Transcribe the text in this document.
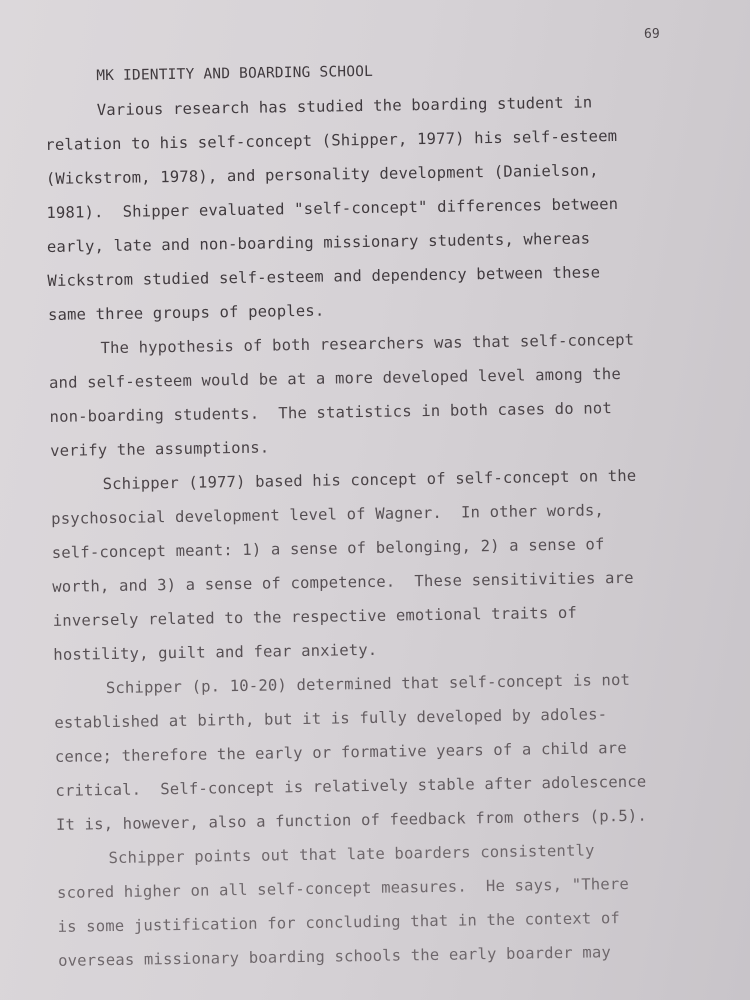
69
MK IDENTITY AND BOARDING SCHOOL
Various research has studied the boarding student in
relation to his self-concept (Shipper, 1977) his self-esteem
(Wickstrom, 1978), and personality development (Danielson,
1981).  Shipper evaluated "self-concept" differences between
early, late and non-boarding missionary students, whereas
Wickstrom studied self-esteem and dependency between these
same three groups of peoples.
The hypothesis of both researchers was that self-concept
and self-esteem would be at a more developed level among the
non-boarding students.  The statistics in both cases do not
verify the assumptions.
Schipper (1977) based his concept of self-concept on the
psychosocial development level of Wagner.  In other words,
self-concept meant: 1) a sense of belonging, 2) a sense of
worth, and 3) a sense of competence.  These sensitivities are
inversely related to the respective emotional traits of
hostility, guilt and fear anxiety.
Schipper (p. 10-20) determined that self-concept is not
established at birth, but it is fully developed by adoles-
cence; therefore the early or formative years of a child are
critical.  Self-concept is relatively stable after adolescence
It is, however, also a function of feedback from others (p.5).
Schipper points out that late boarders consistently
scored higher on all self-concept measures.  He says, "There
is some justification for concluding that in the context of
overseas missionary boarding schools the early boarder may
